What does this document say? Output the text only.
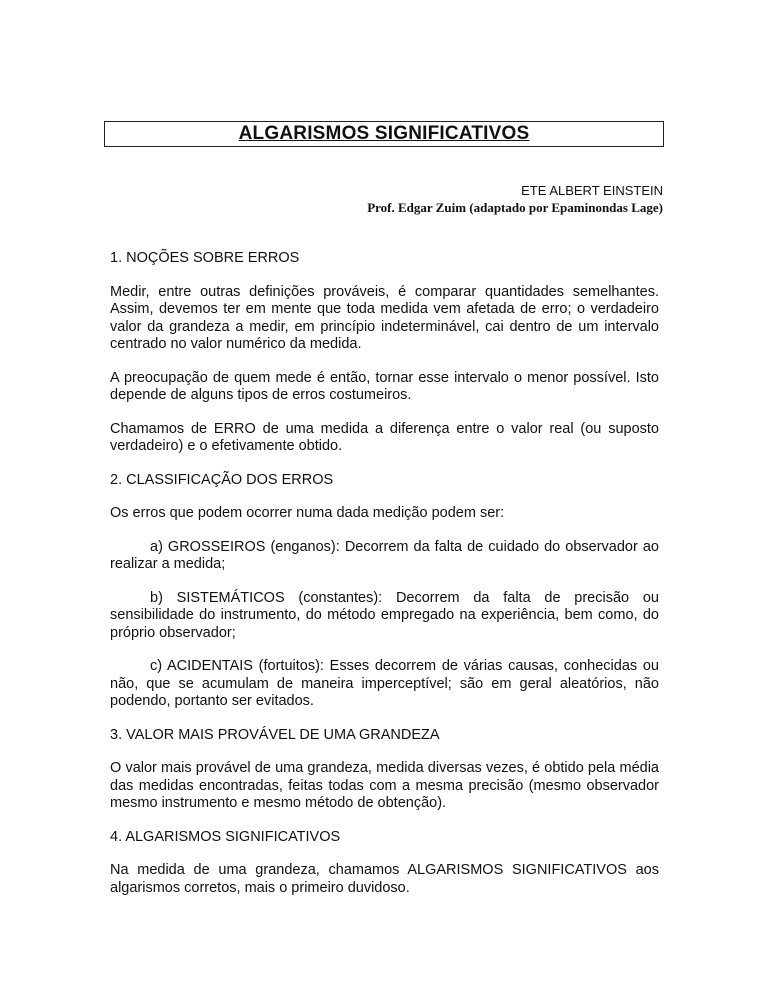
ALGARISMOS SIGNIFICATIVOS
ETE ALBERT EINSTEIN
Prof. Edgar Zuim (adaptado por Epaminondas Lage)

1. NOÇÕES SOBRE ERROS

Medir, entre outras definições prováveis, é comparar quantidades semelhantes. Assim, devemos ter em mente que toda medida vem afetada de erro; o verdadeiro valor da grandeza a medir, em princípio indeterminável, cai dentro de um intervalo centrado no valor numérico da medida.

A preocupação de quem mede é então, tornar esse intervalo o menor possível. Isto depende de alguns tipos de erros costumeiros.

Chamamos de ERRO de uma medida a diferença entre o valor real (ou suposto verdadeiro) e o efetivamente obtido.

2. CLASSIFICAÇÃO DOS ERROS

Os erros que podem ocorrer numa dada medição podem ser:

a) GROSSEIROS (enganos): Decorrem da falta de cuidado do observador ao realizar a medida;

b) SISTEMÁTICOS (constantes): Decorrem da falta de precisão ou sensibilidade do instrumento, do método empregado na experiência, bem como, do próprio observador;

c) ACIDENTAIS (fortuitos): Esses decorrem de várias causas, conhecidas ou não, que se acumulam de maneira imperceptível; são em geral aleatórios, não podendo, portanto ser evitados.

3. VALOR MAIS PROVÁVEL DE UMA GRANDEZA

O valor mais provável de uma grandeza, medida diversas vezes, é obtido pela média das medidas encontradas, feitas todas com a mesma precisão (mesmo observador mesmo instrumento e mesmo método de obtenção).

4. ALGARISMOS SIGNIFICATIVOS

Na medida de uma grandeza, chamamos ALGARISMOS SIGNIFICATIVOS aos algarismos corretos, mais o primeiro duvidoso.
